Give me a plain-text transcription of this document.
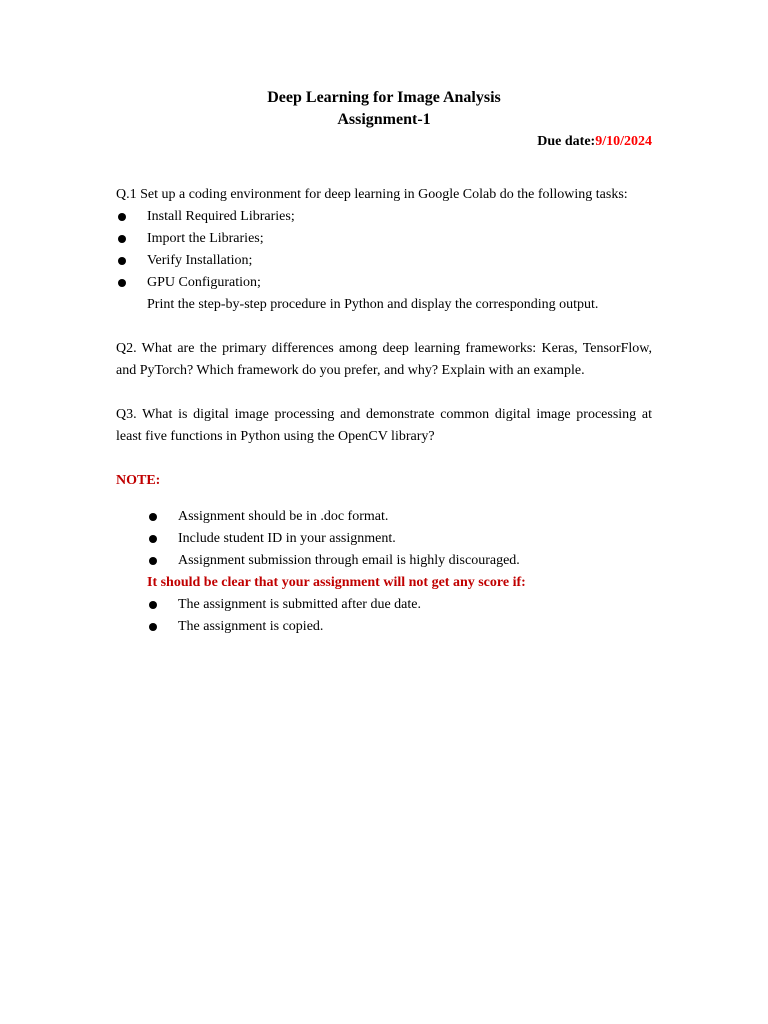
Deep Learning for Image Analysis

Assignment-1

Due date:9/10/2024

Q.1 Set up a coding environment for deep learning in Google Colab do the following tasks:

Install Required Libraries;
Import the Libraries;
Verify Installation;
GPU Configuration;

Print the step-by-step procedure in Python and display the corresponding output.

Q2. What are the primary differences among deep learning frameworks: Keras, TensorFlow, and PyTorch? Which framework do you prefer, and why? Explain with an example.

Q3. What is digital image processing and demonstrate common digital image processing at least five functions in Python using the OpenCV library?

NOTE:

Assignment should be in .doc format.
Include student ID in your assignment.
Assignment submission through email is highly discouraged.

It should be clear that your assignment will not get any score if:

The assignment is submitted after due date.
The assignment is copied.
